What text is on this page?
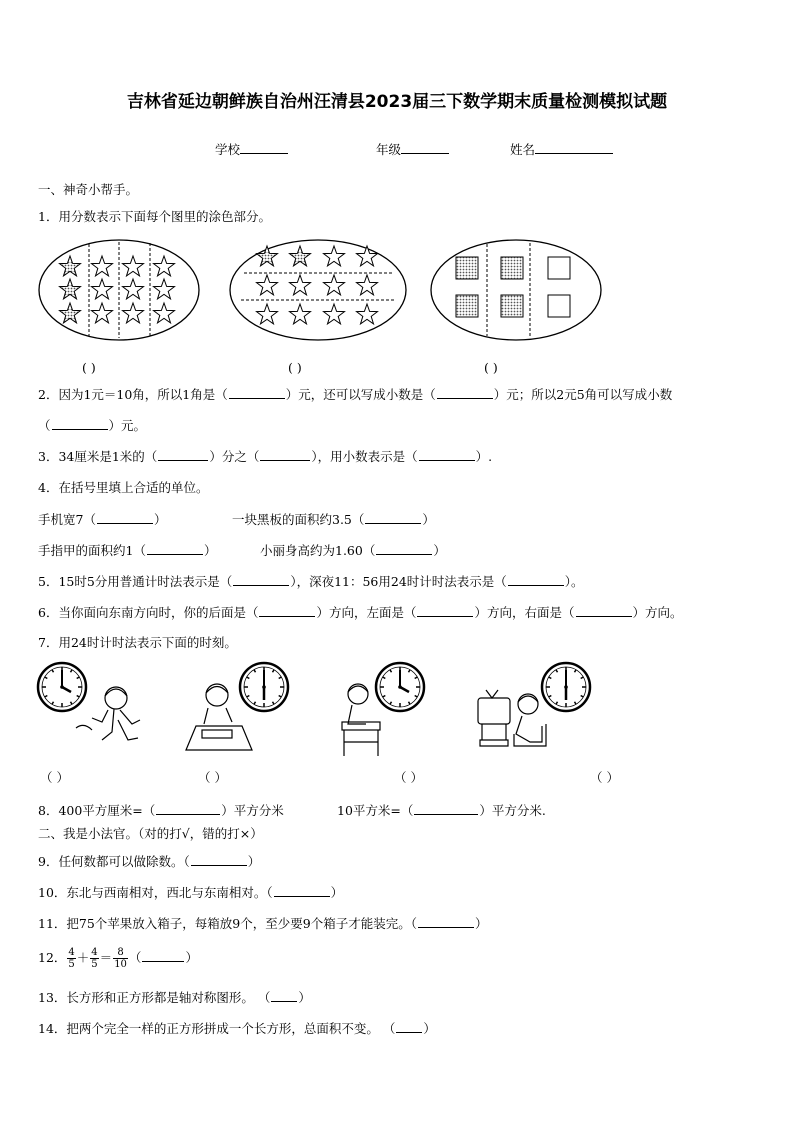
吉林省延边朝鲜族自治州汪清县2023届三下数学期末质量检测模拟试题
学校	年级	姓名
一、神奇小帮手。
1．用分数表示下面每个图里的涂色部分。
( )	( )	( )
2．因为1元＝10角，所以1角是（	）元，还可以写成小数是（	）元；所以2元5角可以写成小数
（	）元。
3．34厘米是1米的（	）分之（	），用小数表示是（	）.
4．在括号里填上合适的单位。
手机宽7（	）	一块黑板的面积约3.5（	）
手指甲的面积约1（	）	小丽身高约为1.60（	）
5．15时5分用普通计时法表示是（	），深夜11：56用24时计时法表示是（	）。
6．当你面向东南方向时，你的后面是（	）方向，左面是（	）方向，右面是（	）方向。
7．用24时计时法表示下面的时刻。
（ ）	（ ）	（ ）	（ ）
8．400平方厘米=（	）平方分米	10平方米=（	）平方分米.
二、我是小法官。（对的打√，错的打×）
9．任何数都可以做除数。（	）
10．东北与西南相对，西北与东南相对。（	）
11．把75个苹果放入箱子，每箱放9个，至少要9个箱子才能装完。（	）
12． $\frac{4}{5} + \frac{4}{5} = \frac{8}{10}$ （	）
13．长方形和正方形都是轴对称图形。 （ ）
14．把两个完全一样的正方形拼成一个长方形，总面积不变。 （ ）
